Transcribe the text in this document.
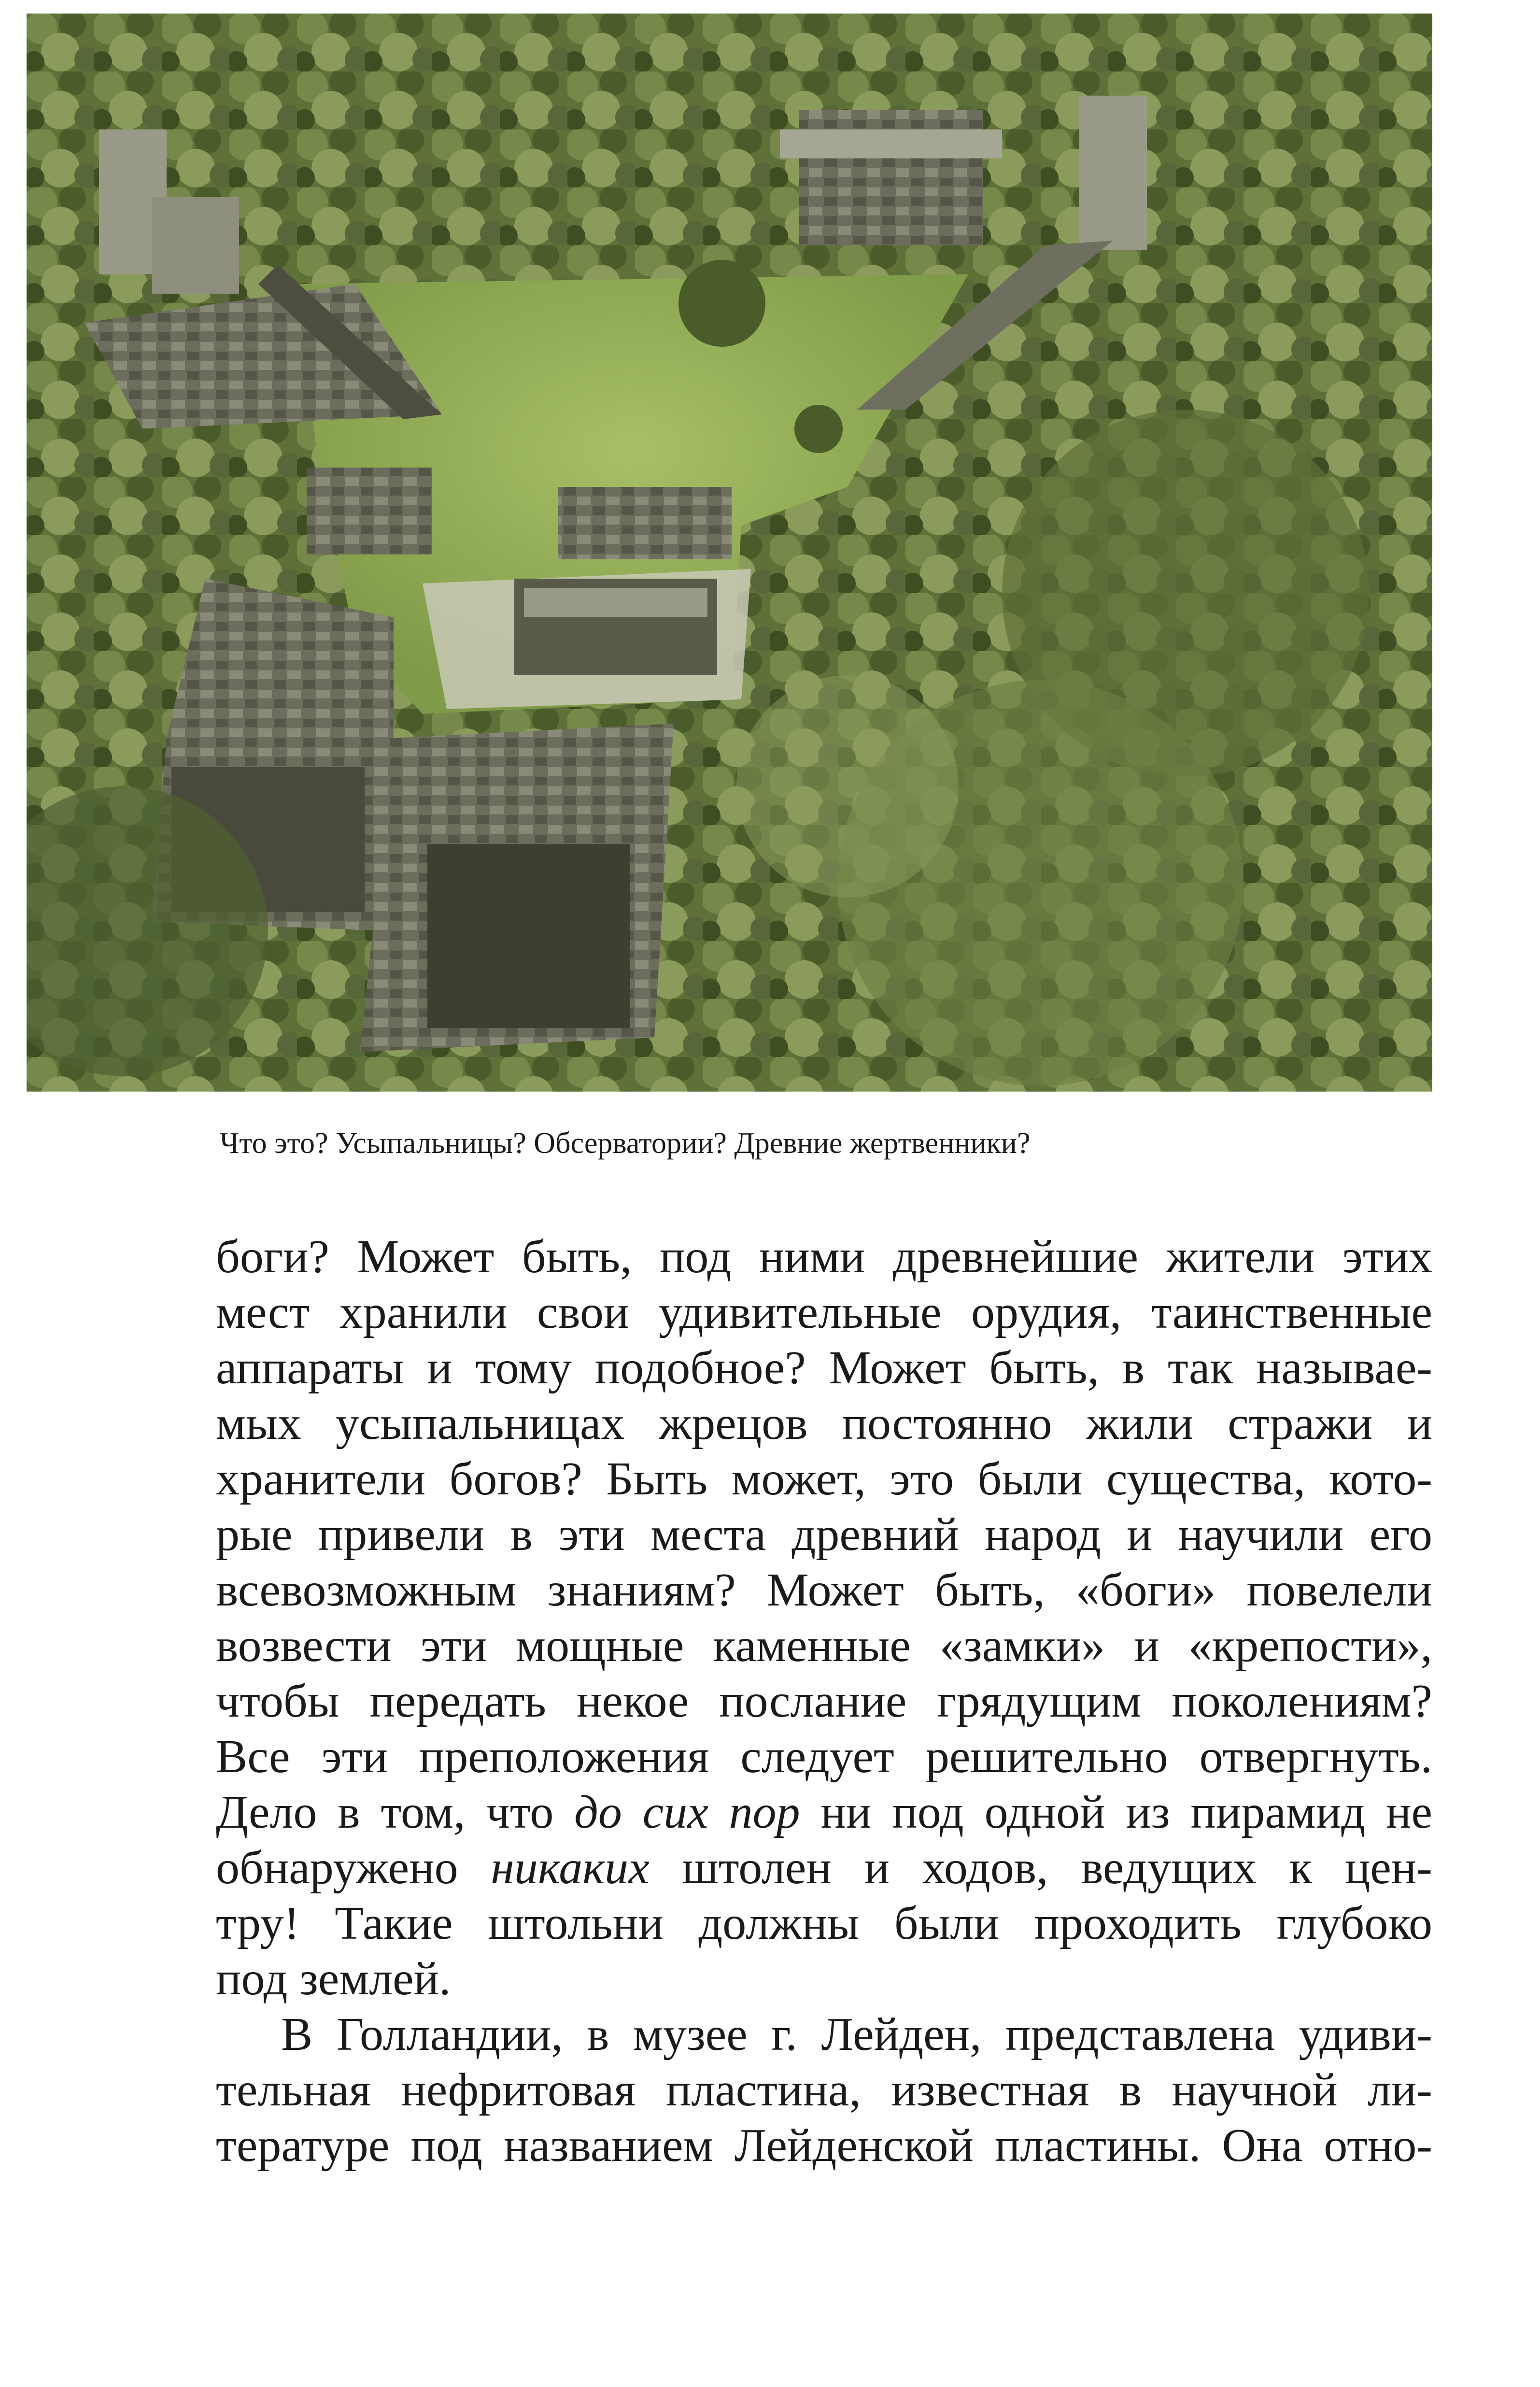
Что это? Усыпальницы? Обсерватории? Древние жертвенники?
боги? Может быть, под ними древнейшие жители этих
мест хранили свои удивительные орудия, таинственные
аппараты и тому подобное? Может быть, в так называе-
мых усыпальницах жрецов постоянно жили стражи и
хранители богов? Быть может, это были существа, кото-
рые привели в эти места древний народ и научили его
всевозможным знаниям? Может быть, «боги» повелели
возвести эти мощные каменные «замки» и «крепости»,
чтобы передать некое послание грядущим поколениям?
Все эти преположения следует решительно отвергнуть.
Дело в том, что до сих пор ни под одной из пирамид не
обнаружено никаких штолен и ходов, ведущих к цен-
тру! Такие штольни должны были проходить глубоко
под землей.
В Голландии, в музее г. Лейден, представлена удиви-
тельная нефритовая пластина, известная в научной ли-
тературе под названием Лейденской пластины. Она отно-
